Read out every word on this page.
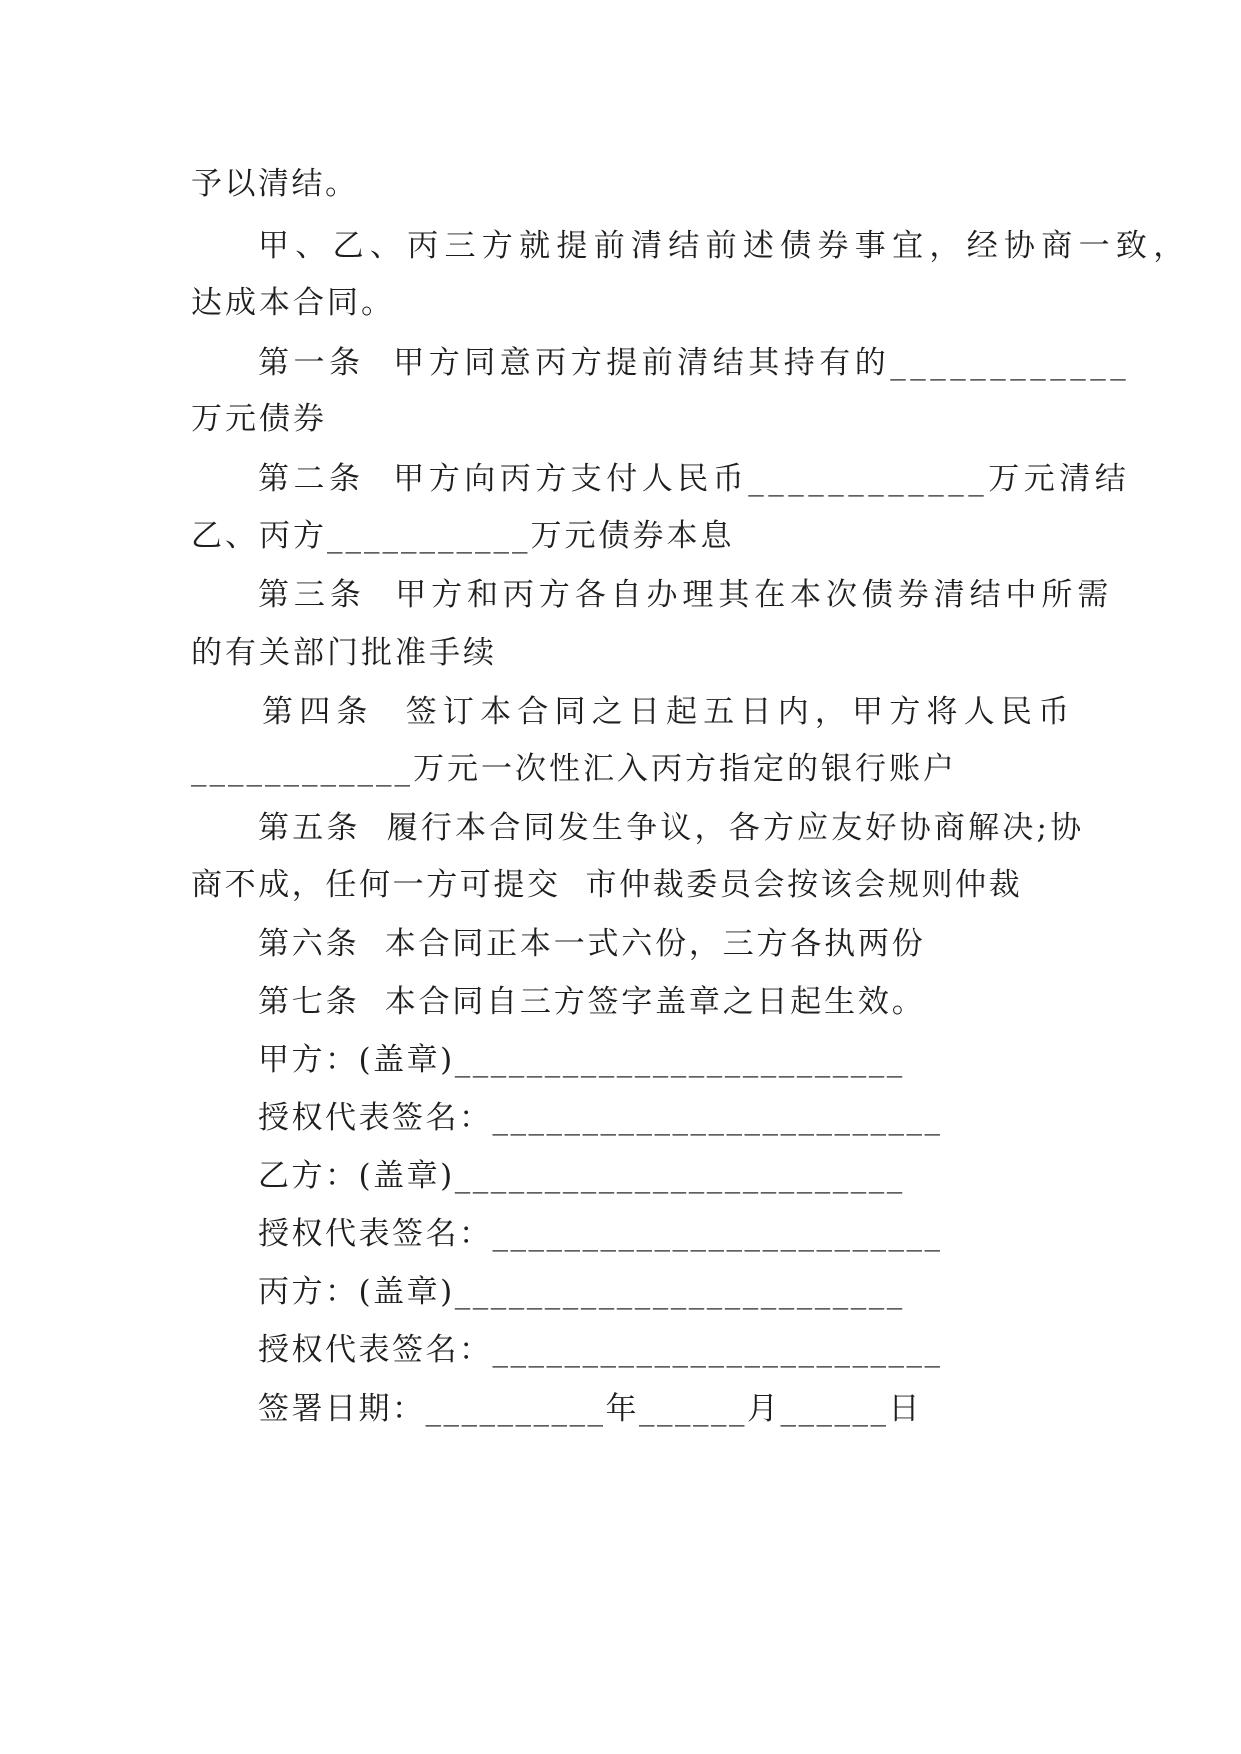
予以清结。
甲、乙、丙三方就提前清结前述债券事宜，经协商一致，
达成本合同。
第一条  甲方同意丙方提前清结其持有的____________
万元债券
第二条  甲方向丙方支付人民币____________万元清结
乙、丙方___________万元债券本息
第三条  甲方和丙方各自办理其在本次债券清结中所需
的有关部门批准手续
第四条  签订本合同之日起五日内，甲方将人民币
____________万元一次性汇入丙方指定的银行账户
第五条  履行本合同发生争议，各方应友好协商解决;协
商不成，任何一方可提交  市仲裁委员会按该会规则仲裁
第六条  本合同正本一式六份，三方各执两份
第七条  本合同自三方签字盖章之日起生效。
甲方：(盖章)_________________________
授权代表签名：_________________________
乙方：(盖章)_________________________
授权代表签名：_________________________
丙方：(盖章)_________________________
授权代表签名：_________________________
签署日期：__________年______月______日
